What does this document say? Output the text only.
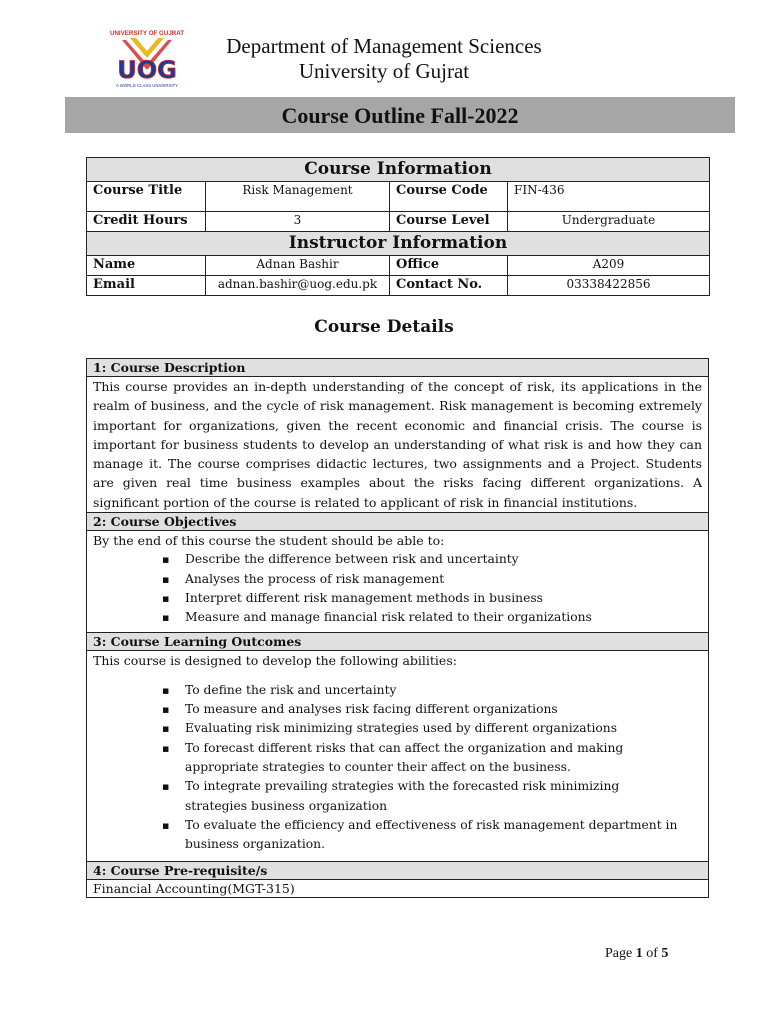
UNIVERSITY OF GUJRAT
UOG
A WORLD CLASS UNIVERSITY
Department of Management Sciences
University of Gujrat
Course Outline Fall-2022
Course Information			
Course Title	Risk Management	Course Code	FIN-436
Credit Hours	3	Course Level	Undergraduate
Instructor Information			
Name	Adnan Bashir	Office	A209
Email	adnan.bashir@uog.edu.pk	Contact No.	03338422856
Course Details
1: Course Description
This course provides an in-depth understanding of the concept of risk, its applications in the realm of business, and the cycle of risk management. Risk management is becoming extremely important for organizations, given the recent economic and financial crisis. The course is important for business students to develop an understanding of what risk is and how they can manage it. The course comprises didactic lectures, two assignments and a Project. Students are given real time business examples about the risks facing different organizations. A significant portion of the course is related to applicant of risk in financial institutions.
2: Course Objectives

By the end of this course the student should be able to:
▪ Describe the difference between risk and uncertainty
▪ Analyses the process of risk management
▪ Interpret different risk management methods in business
▪ Measure and manage financial risk related to their organizations

3: Course Learning Outcomes

This course is designed to develop the following abilities:
▪ To define the risk and uncertainty
▪ To measure and analyses risk facing different organizations
▪ Evaluating risk minimizing strategies used by different organizations
▪ To forecast different risks that can affect the organization and making appropriate strategies to counter their affect on the business.
▪ To integrate prevailing strategies with the forecasted risk minimizing strategies business organization
▪ To evaluate the efficiency and effectiveness of risk management department in business organization.

4: Course Pre-requisite/s
Financial Accounting(MGT-315)
Page 1 of 5
